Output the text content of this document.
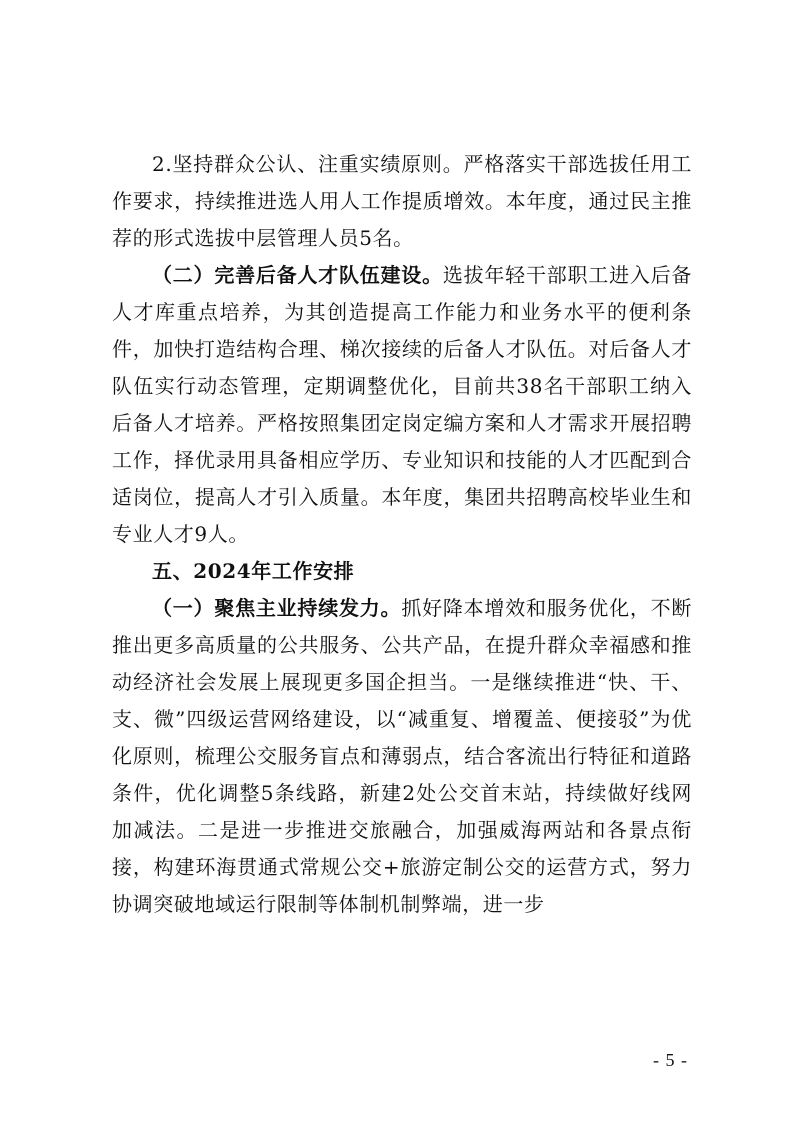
2.坚持群众公认、注重实绩原则。严格落实干部选拔任用工作要求，持续推进选人用人工作提质增效。本年度，通过民主推荐的形式选拔中层管理人员5名。

（二）完善后备人才队伍建设。选拔年轻干部职工进入后备人才库重点培养，为其创造提高工作能力和业务水平的便利条件，加快打造结构合理、梯次接续的后备人才队伍。对后备人才队伍实行动态管理，定期调整优化，目前共38名干部职工纳入后备人才培养。严格按照集团定岗定编方案和人才需求开展招聘工作，择优录用具备相应学历、专业知识和技能的人才匹配到合适岗位，提高人才引入质量。本年度，集团共招聘高校毕业生和专业人才9人。

五、2024年工作安排

（一）聚焦主业持续发力。抓好降本增效和服务优化，不断推出更多高质量的公共服务、公共产品，在提升群众幸福感和推动经济社会发展上展现更多国企担当。一是继续推进“快、干、支、微”四级运营网络建设，以“减重复、增覆盖、便接驳”为优化原则，梳理公交服务盲点和薄弱点，结合客流出行特征和道路条件，优化调整5条线路，新建2处公交首末站，持续做好线网加减法。二是进一步推进交旅融合，加强威海两站和各景点衔接，构建环海贯通式常规公交+旅游定制公交的运营方式，努力协调突破地域运行限制等体制机制弊端，进一步

- 5 -
